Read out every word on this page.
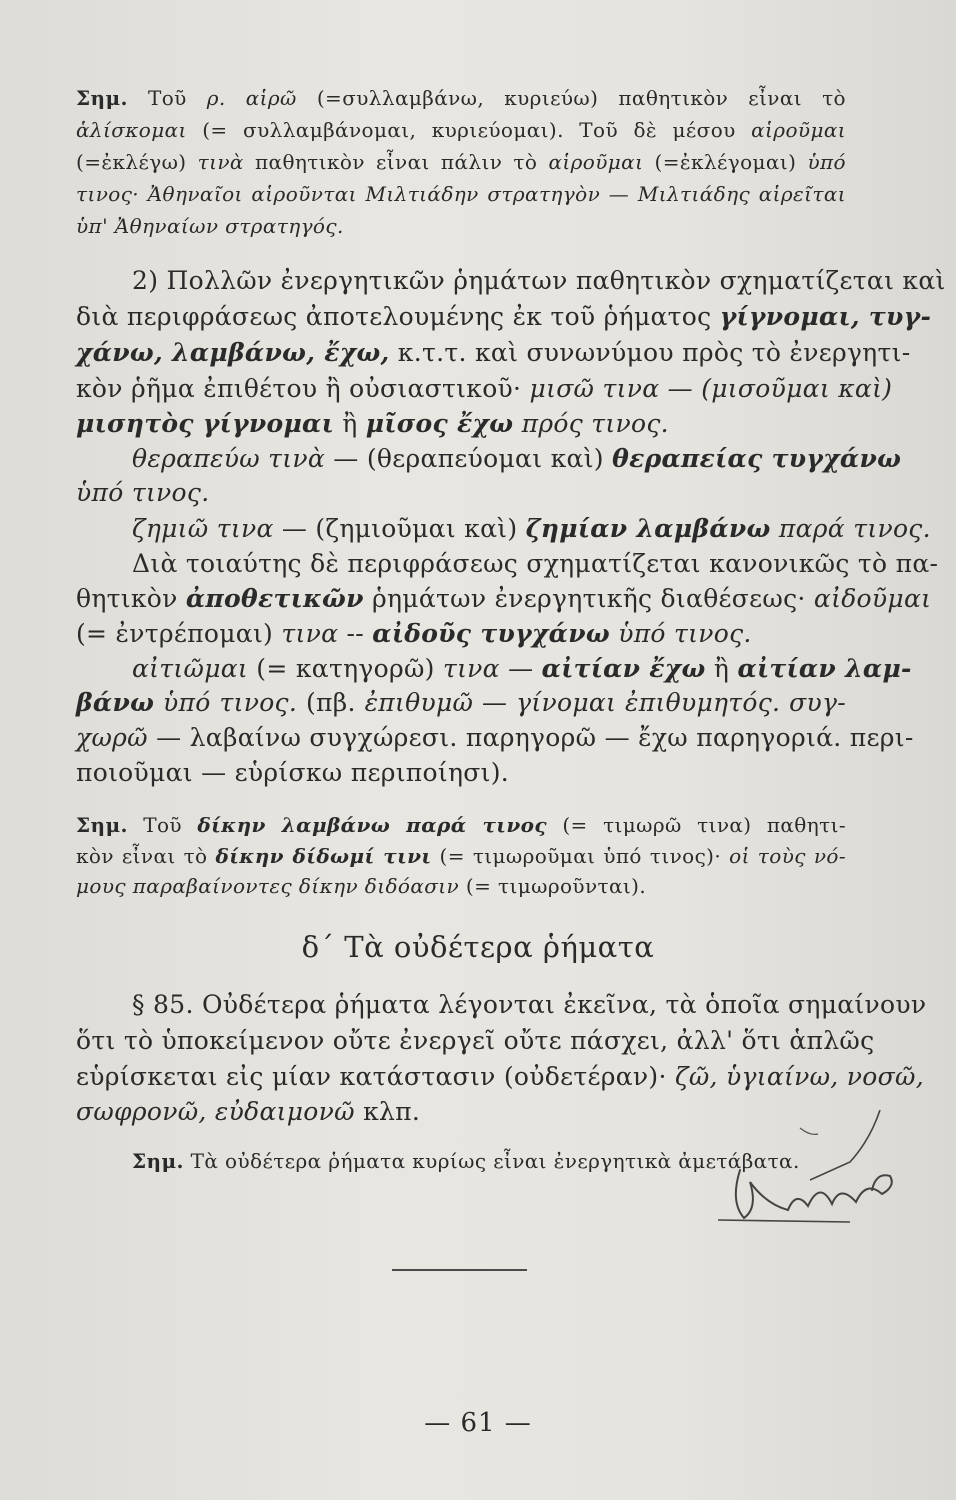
Σημ. Τοῦ ρ. αἱρῶ (=συλλαμβάνω, κυριεύω) παθητικὸν εἶναι τὸ
ἁλίσκομαι (= συλλαμβάνομαι, κυριεύομαι). Τοῦ δὲ μέσου αἱροῦμαι
(=ἐκλέγω) τινὰ παθητικὸν εἶναι πάλιν τὸ αἱροῦμαι (=ἐκλέγομαι) ὑπό
τινος· Ἀθηναῖοι αἱροῦνται Μιλτιάδην στρατηγὸν — Μιλτιάδης αἱρεῖται
ὑπ' Ἀθηναίων στρατηγός.
2) Πολλῶν ἐνεργητικῶν ῥημάτων παθητικὸν σχηματίζεται καὶ
διὰ περιφράσεως ἀποτελουμένης ἐκ τοῦ ῥήματος γίγνομαι, τυγ-
χάνω, λαμβάνω, ἔχω, κ.τ.τ. καὶ συνωνύμου πρὸς τὸ ἐνεργητι-
κὸν ῥῆμα ἐπιθέτου ἢ οὐσιαστικοῦ· μισῶ τινα — (μισοῦμαι καὶ)
μισητὸς γίγνομαι ἢ μῖσος ἔχω πρός τινος.
θεραπεύω τινὰ — (θεραπεύομαι καὶ) θεραπείας τυγχάνω
ὑπό τινος.
ζημιῶ τινα — (ζημιοῦμαι καὶ) ζημίαν λαμβάνω παρά τινος.
Διὰ τοιαύτης δὲ περιφράσεως σχηματίζεται κανονικῶς τὸ πα-
θητικὸν ἀποθετικῶν ῥημάτων ἐνεργητικῆς διαθέσεως· αἰδοῦμαι
(= ἐντρέπομαι) τινα -- αἰδοῦς τυγχάνω ὑπό τινος.
αἰτιῶμαι (= κατηγορῶ) τινα — αἰτίαν ἔχω ἢ αἰτίαν λαμ-
βάνω ὑπό τινος. (πβ. ἐπιθυμῶ — γίνομαι ἐπιθυμητός. συγ-
χωρῶ — λαβαίνω συγχώρεσι. παρηγορῶ — ἔχω παρηγοριά. περι-
ποιοῦμαι — εὑρίσκω περιποίησι).
Σημ. Τοῦ δίκην λαμβάνω παρά τινος (= τιμωρῶ τινα) παθητι-
κὸν εἶναι τὸ δίκην δίδωμί τινι (= τιμωροῦμαι ὑπό τινος)· οἱ τοὺς νό-
μους παραβαίνοντες δίκην διδόασιν (= τιμωροῦνται).
δ΄ Τὰ οὐδέτερα ῥήματα
§ 85. Οὐδέτερα ῥήματα λέγονται ἐκεῖνα, τὰ ὁποῖα σημαίνουν
ὅτι τὸ ὑποκείμενον οὔτε ἐνεργεῖ οὔτε πάσχει, ἀλλ' ὅτι ἁπλῶς
εὑρίσκεται εἰς μίαν κατάστασιν (οὐδετέραν)· ζῶ, ὑγιαίνω, νοσῶ,
σωφρονῶ, εὐδαιμονῶ κλπ.
Σημ. Τὰ οὐδέτερα ῥήματα κυρίως εἶναι ἐνεργητικὰ ἀμετάβατα.
— 61 —
